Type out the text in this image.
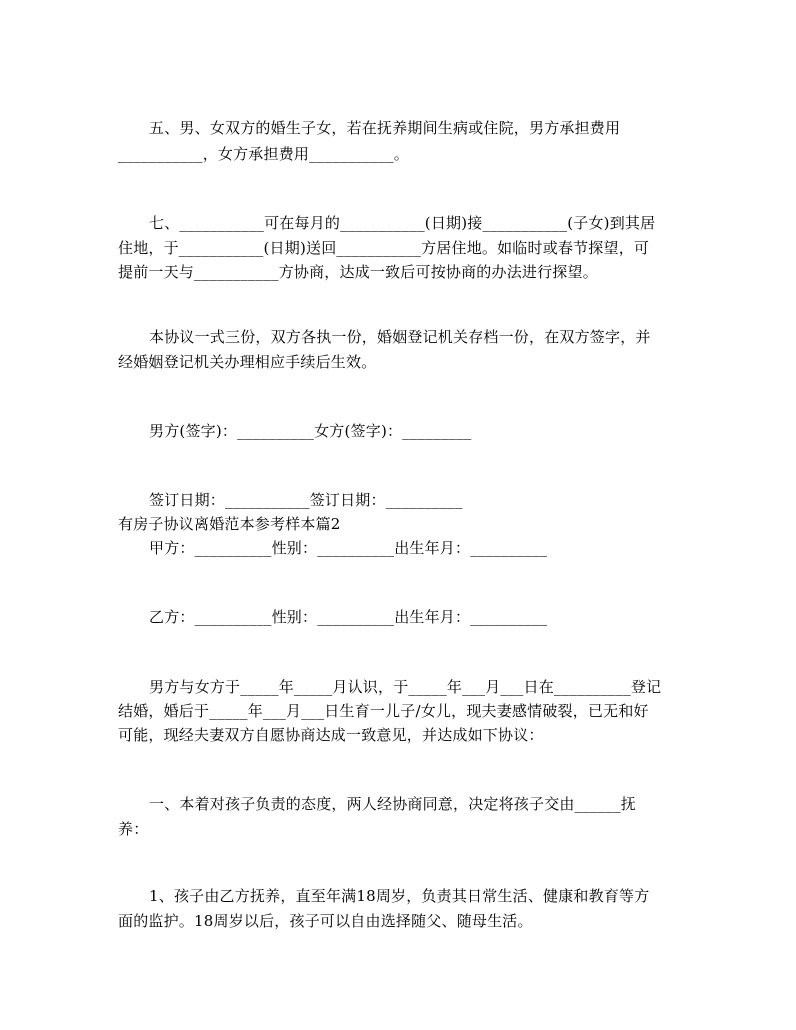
五、男、女双方的婚生子女，若在抚养期间生病或住院，男方承担费用
___________，女方承担费用___________。
七、___________可在每月的___________(日期)接___________(子女)到其居
住地，于___________(日期)送回___________方居住地。如临时或春节探望，可
提前一天与___________方协商，达成一致后可按协商的办法进行探望。
本协议一式三份，双方各执一份，婚姻登记机关存档一份，在双方签字，并
经婚姻登记机关办理相应手续后生效。
男方(签字)：__________女方(签字)：_________
签订日期：___________签订日期：__________
有房子协议离婚范本参考样本篇2
甲方：__________性别：__________出生年月：__________
乙方：__________性别：__________出生年月：__________
男方与女方于_____年_____月认识，于_____年___月___日在__________登记
结婚，婚后于_____年___月___日生育一儿子/女儿，现夫妻感情破裂，已无和好
可能，现经夫妻双方自愿协商达成一致意见，并达成如下协议：
一、本着对孩子负责的态度，两人经协商同意，决定将孩子交由______抚
养：
1、孩子由乙方抚养，直至年满18周岁，负责其日常生活、健康和教育等方
面的监护。18周岁以后，孩子可以自由选择随父、随母生活。
